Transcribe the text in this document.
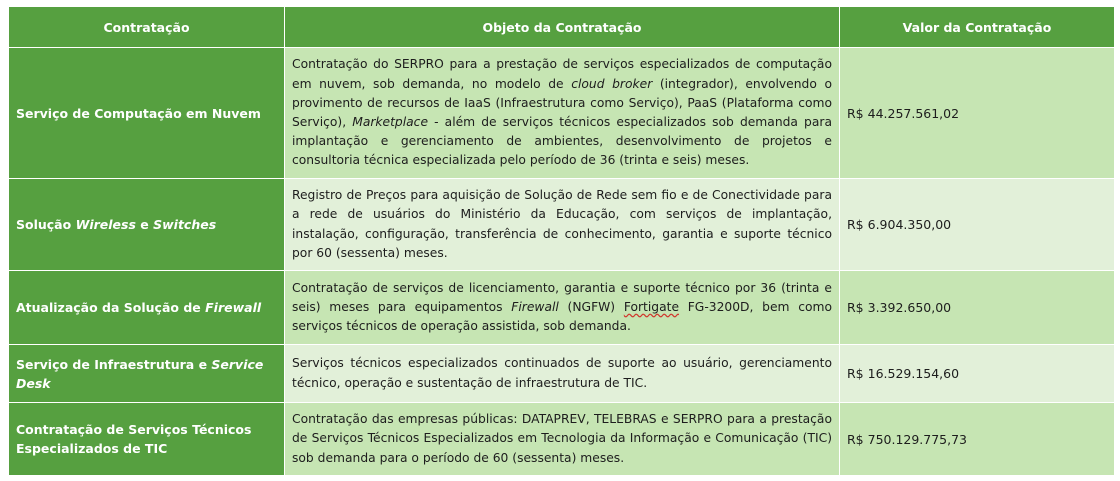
Contratação	Objeto da Contratação	Valor da Contratação
Serviço de Computação em Nuvem	Contratação do SERPRO para a prestação de serviços especializados de computação em nuvem, sob demanda, no modelo de cloud broker (integrador), envolvendo o provimento de recursos de IaaS (Infraestrutura como Serviço), PaaS (Plataforma como Serviço), Marketplace - além de serviços técnicos especializados sob demanda para implantação e gerenciamento de ambientes, desenvolvimento de projetos e consultoria técnica especializada pelo período de 36 (trinta e seis) meses.	R$ 44.257.561,02
Solução Wireless e Switches	Registro de Preços para aquisição de Solução de Rede sem fio e de Conectividade para a rede de usuários do Ministério da Educação, com serviços de implantação, instalação, configuração, transferência de conhecimento, garantia e suporte técnico por 60 (sessenta) meses.	R$ 6.904.350,00
Atualização da Solução de Firewall	Contratação de serviços de licenciamento, garantia e suporte técnico por 36 (trinta e seis) meses para equipamentos Firewall (NGFW) Fortigate FG-3200D, bem como serviços técnicos de operação assistida, sob demanda.	R$ 3.392.650,00
Serviço de Infraestrutura e Service Desk	Serviços técnicos especializados continuados de suporte ao usuário, gerenciamento técnico, operação e sustentação de infraestrutura de TIC.	R$ 16.529.154,60
Contratação de Serviços Técnicos Especializados de TIC	Contratação das empresas públicas: DATAPREV, TELEBRAS e SERPRO para a prestação de Serviços Técnicos Especializados em Tecnologia da Informação e Comunicação (TIC) sob demanda para o período de 60 (sessenta) meses.	R$ 750.129.775,73
